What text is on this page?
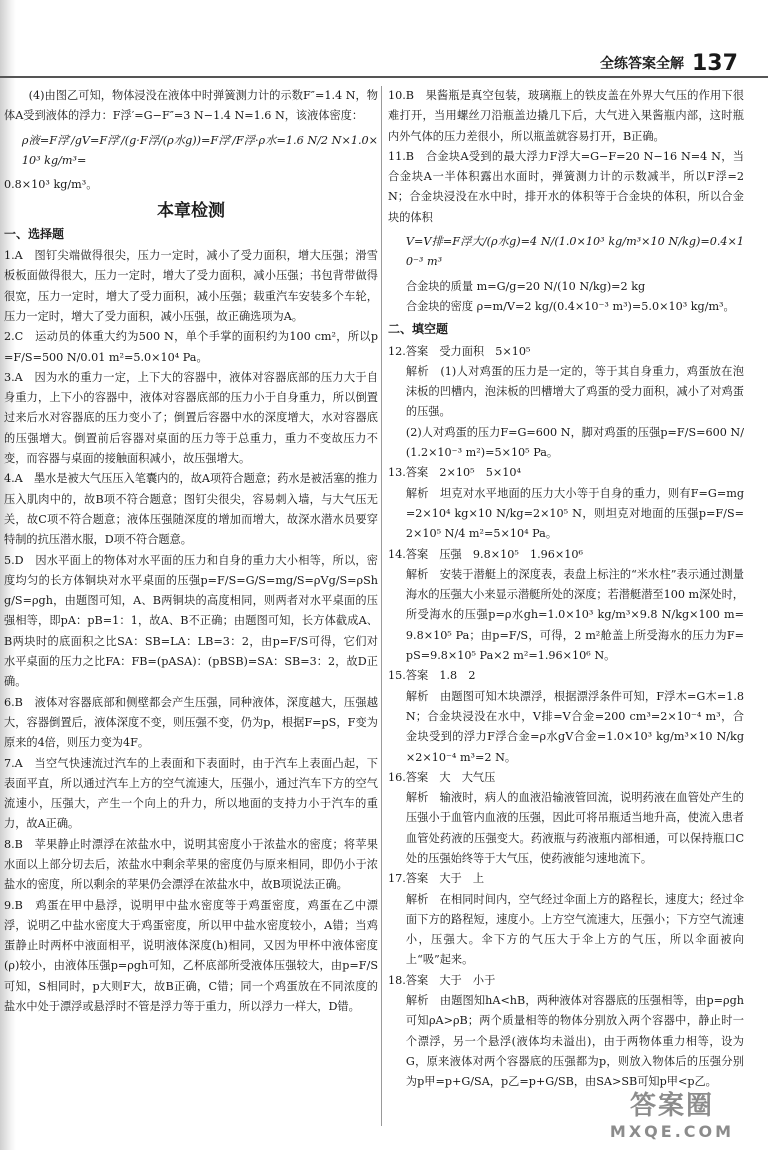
全练答案全解 137

(4)由图乙可知，物体浸没在液体中时弹簧测力计的示数F″=1.4 N，物体A受到液体的浮力：F浮′=G−F″=3 N−1.4 N=1.6 N，该液体密度：

ρ液=F浮′/gV=F浮′/(g·F浮/(ρ水g))=F浮′/F浮·ρ水=1.6 N/2 N×1.0×10³ kg/m³=

0.8×10³ kg/m³。

本章检测
一、选择题

1.A　图钉尖端做得很尖，压力一定时，减小了受力面积，增大压强；滑雪板板面做得很大，压力一定时，增大了受力面积，减小压强；书包背带做得很宽，压力一定时，增大了受力面积，减小压强；载重汽车安装多个车轮，压力一定时，增大了受力面积，减小压强，故正确选项为A。

2.C　运动员的体重大约为500 N，单个手掌的面积约为100 cm²，所以p=F/S=500 N/0.01 m²=5.0×10⁴ Pa。

3.A　因为水的重力一定，上下大的容器中，液体对容器底部的压力大于自身重力，上下小的容器中，液体对容器底部的压力小于自身重力，所以倒置过来后水对容器底的压力变小了；倒置后容器中水的深度增大，水对容器底的压强增大。倒置前后容器对桌面的压力等于总重力，重力不变故压力不变，而容器与桌面的接触面积减小，故压强增大。

4.A　墨水是被大气压压入笔囊内的，故A项符合题意；药水是被活塞的推力压入肌肉中的，故B项不符合题意；图钉尖很尖，容易刺入墙，与大气压无关，故C项不符合题意；液体压强随深度的增加而增大，故深水潜水员要穿特制的抗压潜水服，D项不符合题意。

5.D　因水平面上的物体对水平面的压力和自身的重力大小相等，所以，密度均匀的长方体铜块对水平桌面的压强p=F/S=G/S=mg/S=ρVg/S=ρShg/S=ρgh，由题图可知，A、B两铜块的高度相同，则两者对水平桌面的压强相等，即pA：pB=1：1，故A、B不正确；由题图可知，长方体截成A、B两块时的底面积之比SA：SB=LA：LB=3：2，由p=F/S可得，它们对水平桌面的压力之比FA：FB=(pASA)：(pBSB)=SA：SB=3：2，故D正确。

6.B　液体对容器底部和侧壁都会产生压强，同种液体，深度越大，压强越大，容器倒置后，液体深度不变，则压强不变，仍为p，根据F=pS，F变为原来的4倍，则压力变为4F。

7.A　当空气快速流过汽车的上表面和下表面时，由于汽车上表面凸起，下表面平直，所以通过汽车上方的空气流速大，压强小，通过汽车下方的空气流速小，压强大，产生一个向上的升力，所以地面的支持力小于汽车的重力，故A正确。

8.B　苹果静止时漂浮在浓盐水中，说明其密度小于浓盐水的密度；将苹果水面以上部分切去后，浓盐水中剩余苹果的密度仍与原来相同，即仍小于浓盐水的密度，所以剩余的苹果仍会漂浮在浓盐水中，故B项说法正确。

9.B　鸡蛋在甲中悬浮，说明甲中盐水密度等于鸡蛋密度，鸡蛋在乙中漂浮，说明乙中盐水密度大于鸡蛋密度，所以甲中盐水密度较小，A错；当鸡蛋静止时两杯中液面相平，说明液体深度(h)相同，又因为甲杯中液体密度(ρ)较小，由液体压强p=ρgh可知，乙杯底部所受液体压强较大，由p=F/S可知，S相同时，p大则F大，故B正确，C错；同一个鸡蛋放在不同浓度的盐水中处于漂浮或悬浮时不管是浮力等于重力，所以浮力一样大，D错。

10.B　果酱瓶是真空包装，玻璃瓶上的铁皮盖在外界大气压的作用下很难打开，当用螺丝刀沿瓶盖边撬几下后，大气进入果酱瓶内部，这时瓶内外气体的压力差很小，所以瓶盖就容易打开，B正确。

11.B　合金块A受到的最大浮力F浮大=G−F=20 N−16 N=4 N，当合金块A一半体积露出水面时，弹簧测力计的示数减半，所以F浮=2 N；合金块浸没在水中时，排开水的体积等于合金块的体积，所以合金块的体积

V=V排=F浮大/(ρ水g)=4 N/(1.0×10³ kg/m³×10 N/kg)=0.4×10⁻³ m³

合金块的质量 m=G/g=20 N/(10 N/kg)=2 kg

合金块的密度 ρ=m/V=2 kg/(0.4×10⁻³ m³)=5.0×10³ kg/m³。

二、填空题

12.答案　受力面积　5×10⁵

解析　(1)人对鸡蛋的压力是一定的，等于其自身重力，鸡蛋放在泡沫板的凹槽内，泡沫板的凹槽增大了鸡蛋的受力面积，减小了对鸡蛋的压强。

(2)人对鸡蛋的压力F=G=600 N，脚对鸡蛋的压强p=F/S=600 N/(1.2×10⁻³ m²)=5×10⁵ Pa。

13.答案　2×10⁵　5×10⁴

解析　坦克对水平地面的压力大小等于自身的重力，则有F=G=mg=2×10⁴ kg×10 N/kg=2×10⁵ N，则坦克对地面的压强p=F/S=2×10⁵ N/4 m²=5×10⁴ Pa。

14.答案　压强　9.8×10⁵　1.96×10⁶

解析　安装于潜艇上的深度表，表盘上标注的“米水柱”表示通过测量海水的压强大小来显示潜艇所处的深度；若潜艇潜至100 m深处时，所受海水的压强p=ρ水gh=1.0×10³ kg/m³×9.8 N/kg×100 m=9.8×10⁵ Pa；由p=F/S，可得，2 m²舱盖上所受海水的压力为F=pS=9.8×10⁵ Pa×2 m²=1.96×10⁶ N。

15.答案　1.8　2

解析　由题图可知木块漂浮，根据漂浮条件可知，F浮木=G木=1.8 N；合金块浸没在水中，V排=V合金=200 cm³=2×10⁻⁴ m³，合金块受到的浮力F浮合金=ρ水gV合金=1.0×10³ kg/m³×10 N/kg×2×10⁻⁴ m³=2 N。

16.答案　大　大气压

解析　输液时，病人的血液沿输液管回流，说明药液在血管处产生的压强小于血管内血液的压强，因此可将吊瓶适当地升高，使流入患者血管处药液的压强变大。药液瓶与药液瓶内部相通，可以保持瓶口C处的压强始终等于大气压，使药液能匀速地流下。

17.答案　大于　上

解析　在相同时间内，空气经过伞面上方的路程长，速度大；经过伞面下方的路程短，速度小。上方空气流速大，压强小；下方空气流速小，压强大。伞下方的气压大于伞上方的气压，所以伞面被向上“吸”起来。

18.答案　大于　小于

解析　由题图知hA<hB，两种液体对容器底的压强相等，由p=ρgh可知ρA>ρB；两个质量相等的物体分别放入两个容器中，静止时一个漂浮，另一个悬浮(液体均未溢出)，由于两物体重力相等，设为G，原来液体对两个容器底的压强都为p，则放入物体后的压强分别为p甲=p+G/SA，p乙=p+G/SB，由SA>SB可知p甲<p乙。

答案圈
MXQE.COM
